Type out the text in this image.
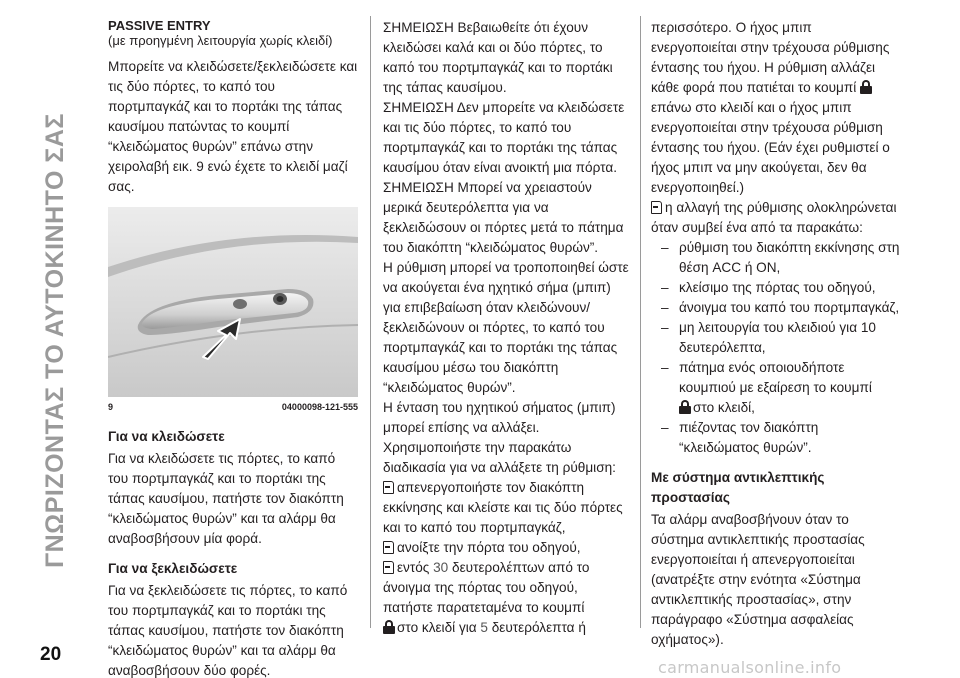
ΓΝΩΡΙΖΟΝΤΑΣ ΤΟ ΑΥΤΟΚΙΝΗΤΟ ΣΑΣ
PASSIVE ENTRY
(με προηγμένη λειτουργία χωρίς κλειδί)

Μπορείτε να κλειδώσετε/ξεκλειδώσετε και τις δύο πόρτες, το καπό του πορτμπαγκάζ και το πορτάκι της τάπας καυσίμου πατώντας το κουμπί “κλειδώματος θυρών” επάνω στην χειρολαβή εικ. 9 ενώ έχετε το κλειδί μαζί σας.

9	04000098-121-555
Για να κλειδώσετε

Για να κλειδώσετε τις πόρτες, το καπό του πορτμπαγκάζ και το πορτάκι της τάπας καυσίμου, πατήστε τον διακόπτη “κλειδώματος θυρών” και τα αλάρμ θα αναβοσβήσουν μία φορά.

Για να ξεκλειδώσετε

Για να ξεκλειδώσετε τις πόρτες, το καπό του πορτμπαγκάζ και το πορτάκι της τάπας καυσίμου, πατήστε τον διακόπτη “κλειδώματος θυρών” και τα αλάρμ θα αναβοσβήσουν δύο φορές.

ΣΗΜΕΙΩΣΗ Βεβαιωθείτε ότι έχουν κλειδώσει καλά και οι δύο πόρτες, το καπό του πορτμπαγκάζ και το πορτάκι της τάπας καυσίμου.

ΣΗΜΕΙΩΣΗ Δεν μπορείτε να κλειδώσετε και τις δύο πόρτες, το καπό του πορτμπαγκάζ και το πορτάκι της τάπας καυσίμου όταν είναι ανοικτή μια πόρτα.

ΣΗΜΕΙΩΣΗ Μπορεί να χρειαστούν μερικά δευτερόλεπτα για να ξεκλειδώσουν οι πόρτες μετά το πάτημα του διακόπτη “κλειδώματος θυρών”.

Η ρύθμιση μπορεί να τροποποιηθεί ώστε να ακούγεται ένα ηχητικό σήμα (μπιπ) για επιβεβαίωση όταν κλειδώνουν/ξεκλειδώνουν οι πόρτες, το καπό του πορτμπαγκάζ και το πορτάκι της τάπας καυσίμου μέσω του διακόπτη “κλειδώματος θυρών”.

Η ένταση του ηχητικού σήματος (μπιπ) μπορεί επίσης να αλλάξει. Χρησιμοποιήστε την παρακάτω διαδικασία για να αλλάξετε τη ρύθμιση:

απενεργοποιήστε τον διακόπτη εκκίνησης και κλείστε και τις δύο πόρτες και το καπό του πορτμπαγκάζ,

ανοίξτε την πόρτα του οδηγού,

εντός 30 δευτερολέπτων από το άνοιγμα της πόρτας του οδηγού, πατήστε παρατεταμένα το κουμπί

στο κλειδί για 5 δευτερόλεπτα ή

περισσότερο. Ο ήχος μπιπ ενεργοποιείται στην τρέχουσα ρύθμισης έντασης του ήχου. Η ρύθμιση αλλάζει κάθε φορά που πατιέται το κουμπί
επάνω στο κλειδί και ο ήχος μπιπ ενεργοποιείται στην τρέχουσα ρύθμιση έντασης του ήχου. (Εάν έχει ρυθμιστεί ο ήχος μπιπ να μην ακούγεται, δεν θα ενεργοποιηθεί.)

η αλλαγή της ρύθμισης ολοκληρώνεται όταν συμβεί ένα από τα παρακάτω:

– ρύθμιση του διακόπτη εκκίνησης στη θέση ACC ή ON,
– κλείσιμο της πόρτας του οδηγού,
– άνοιγμα του καπό του πορτμπαγκάζ,
– μη λειτουργία του κλειδιού για 10 δευτερόλεπτα,
– πάτημα ενός οποιουδήποτε κουμπιού με εξαίρεση το κουμπί

στο κλειδί,
– πιέζοντας τον διακόπτη “κλειδώματος θυρών”.
Με σύστημα αντικλεπτικής προστασίας

Τα αλάρμ αναβοσβήνουν όταν το σύστημα αντικλεπτικής προστασίας ενεργοποιείται ή απενεργοποιείται (ανατρέξτε στην ενότητα «Σύστημα αντικλεπτικής προστασίας», στην παράγραφο «Σύστημα ασφαλείας οχήματος»).

20
carmanualsonline.info
